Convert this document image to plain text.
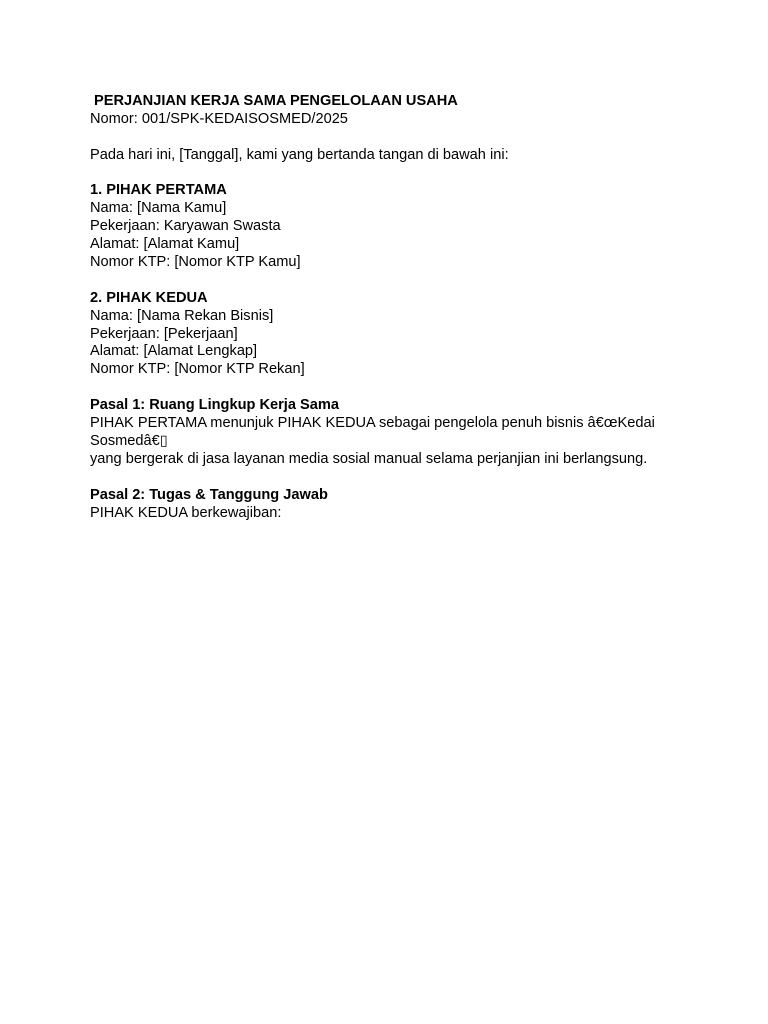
PERJANJIAN KERJA SAMA PENGELOLAAN USAHA
Nomor: 001/SPK-KEDAISOSMED/2025
Pada hari ini, [Tanggal], kami yang bertanda tangan di bawah ini:
1. PIHAK PERTAMA
Nama: [Nama Kamu]
Pekerjaan: Karyawan Swasta
Alamat: [Alamat Kamu]
Nomor KTP: [Nomor KTP Kamu]
2. PIHAK KEDUA
Nama: [Nama Rekan Bisnis]
Pekerjaan: [Pekerjaan]
Alamat: [Alamat Lengkap]
Nomor KTP: [Nomor KTP Rekan]
Pasal 1: Ruang Lingkup Kerja Sama
PIHAK PERTAMA menunjuk PIHAK KEDUA sebagai pengelola penuh bisnis â€œKedai Sosmedâ€▯
yang bergerak di jasa layanan media sosial manual selama perjanjian ini berlangsung.
Pasal 2: Tugas & Tanggung Jawab
PIHAK KEDUA berkewajiban:
